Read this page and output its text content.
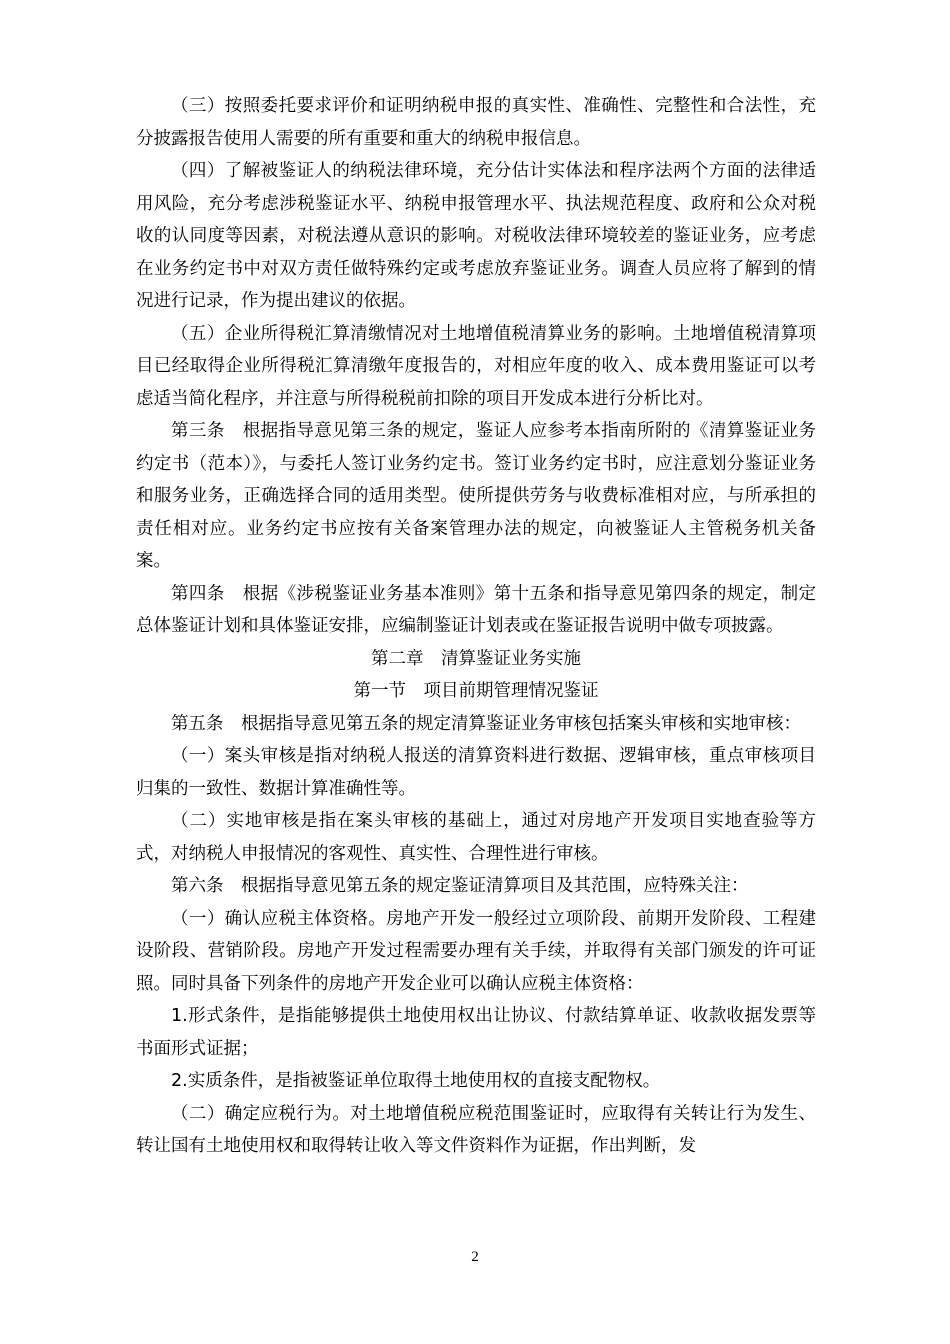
（三）按照委托要求评价和证明纳税申报的真实性、准确性、完整性和合法性，充分披露报告使用人需要的所有重要和重大的纳税申报信息。

（四）了解被鉴证人的纳税法律环境，充分估计实体法和程序法两个方面的法律适用风险，充分考虑涉税鉴证水平、纳税申报管理水平、执法规范程度、政府和公众对税收的认同度等因素，对税法遵从意识的影响。对税收法律环境较差的鉴证业务，应考虑在业务约定书中对双方责任做特殊约定或考虑放弃鉴证业务。调查人员应将了解到的情况进行记录，作为提出建议的依据。

（五）企业所得税汇算清缴情况对土地增值税清算业务的影响。土地增值税清算项目已经取得企业所得税汇算清缴年度报告的，对相应年度的收入、成本费用鉴证可以考虑适当简化程序，并注意与所得税税前扣除的项目开发成本进行分析比对。

第三条　根据指导意见第三条的规定，鉴证人应参考本指南所附的《清算鉴证业务约定书（范本）》，与委托人签订业务约定书。签订业务约定书时，应注意划分鉴证业务和服务业务，正确选择合同的适用类型。使所提供劳务与收费标准相对应，与所承担的责任相对应。业务约定书应按有关备案管理办法的规定，向被鉴证人主管税务机关备案。

第四条　根据《涉税鉴证业务基本准则》第十五条和指导意见第四条的规定，制定总体鉴证计划和具体鉴证安排，应编制鉴证计划表或在鉴证报告说明中做专项披露。

第二章　清算鉴证业务实施

第一节　项目前期管理情况鉴证

第五条　根据指导意见第五条的规定清算鉴证业务审核包括案头审核和实地审核：

（一）案头审核是指对纳税人报送的清算资料进行数据、逻辑审核，重点审核项目归集的一致性、数据计算准确性等。

（二）实地审核是指在案头审核的基础上，通过对房地产开发项目实地查验等方式，对纳税人申报情况的客观性、真实性、合理性进行审核。

第六条　根据指导意见第五条的规定鉴证清算项目及其范围，应特殊关注：

（一）确认应税主体资格。房地产开发一般经过立项阶段、前期开发阶段、工程建设阶段、营销阶段。房地产开发过程需要办理有关手续，并取得有关部门颁发的许可证照。同时具备下列条件的房地产开发企业可以确认应税主体资格：

1.形式条件，是指能够提供土地使用权出让协议、付款结算单证、收款收据发票等书面形式证据；

2.实质条件，是指被鉴证单位取得土地使用权的直接支配物权。

（二）确定应税行为。对土地增值税应税范围鉴证时，应取得有关转让行为发生、转让国有土地使用权和取得转让收入等文件资料作为证据，作出判断，发

2
